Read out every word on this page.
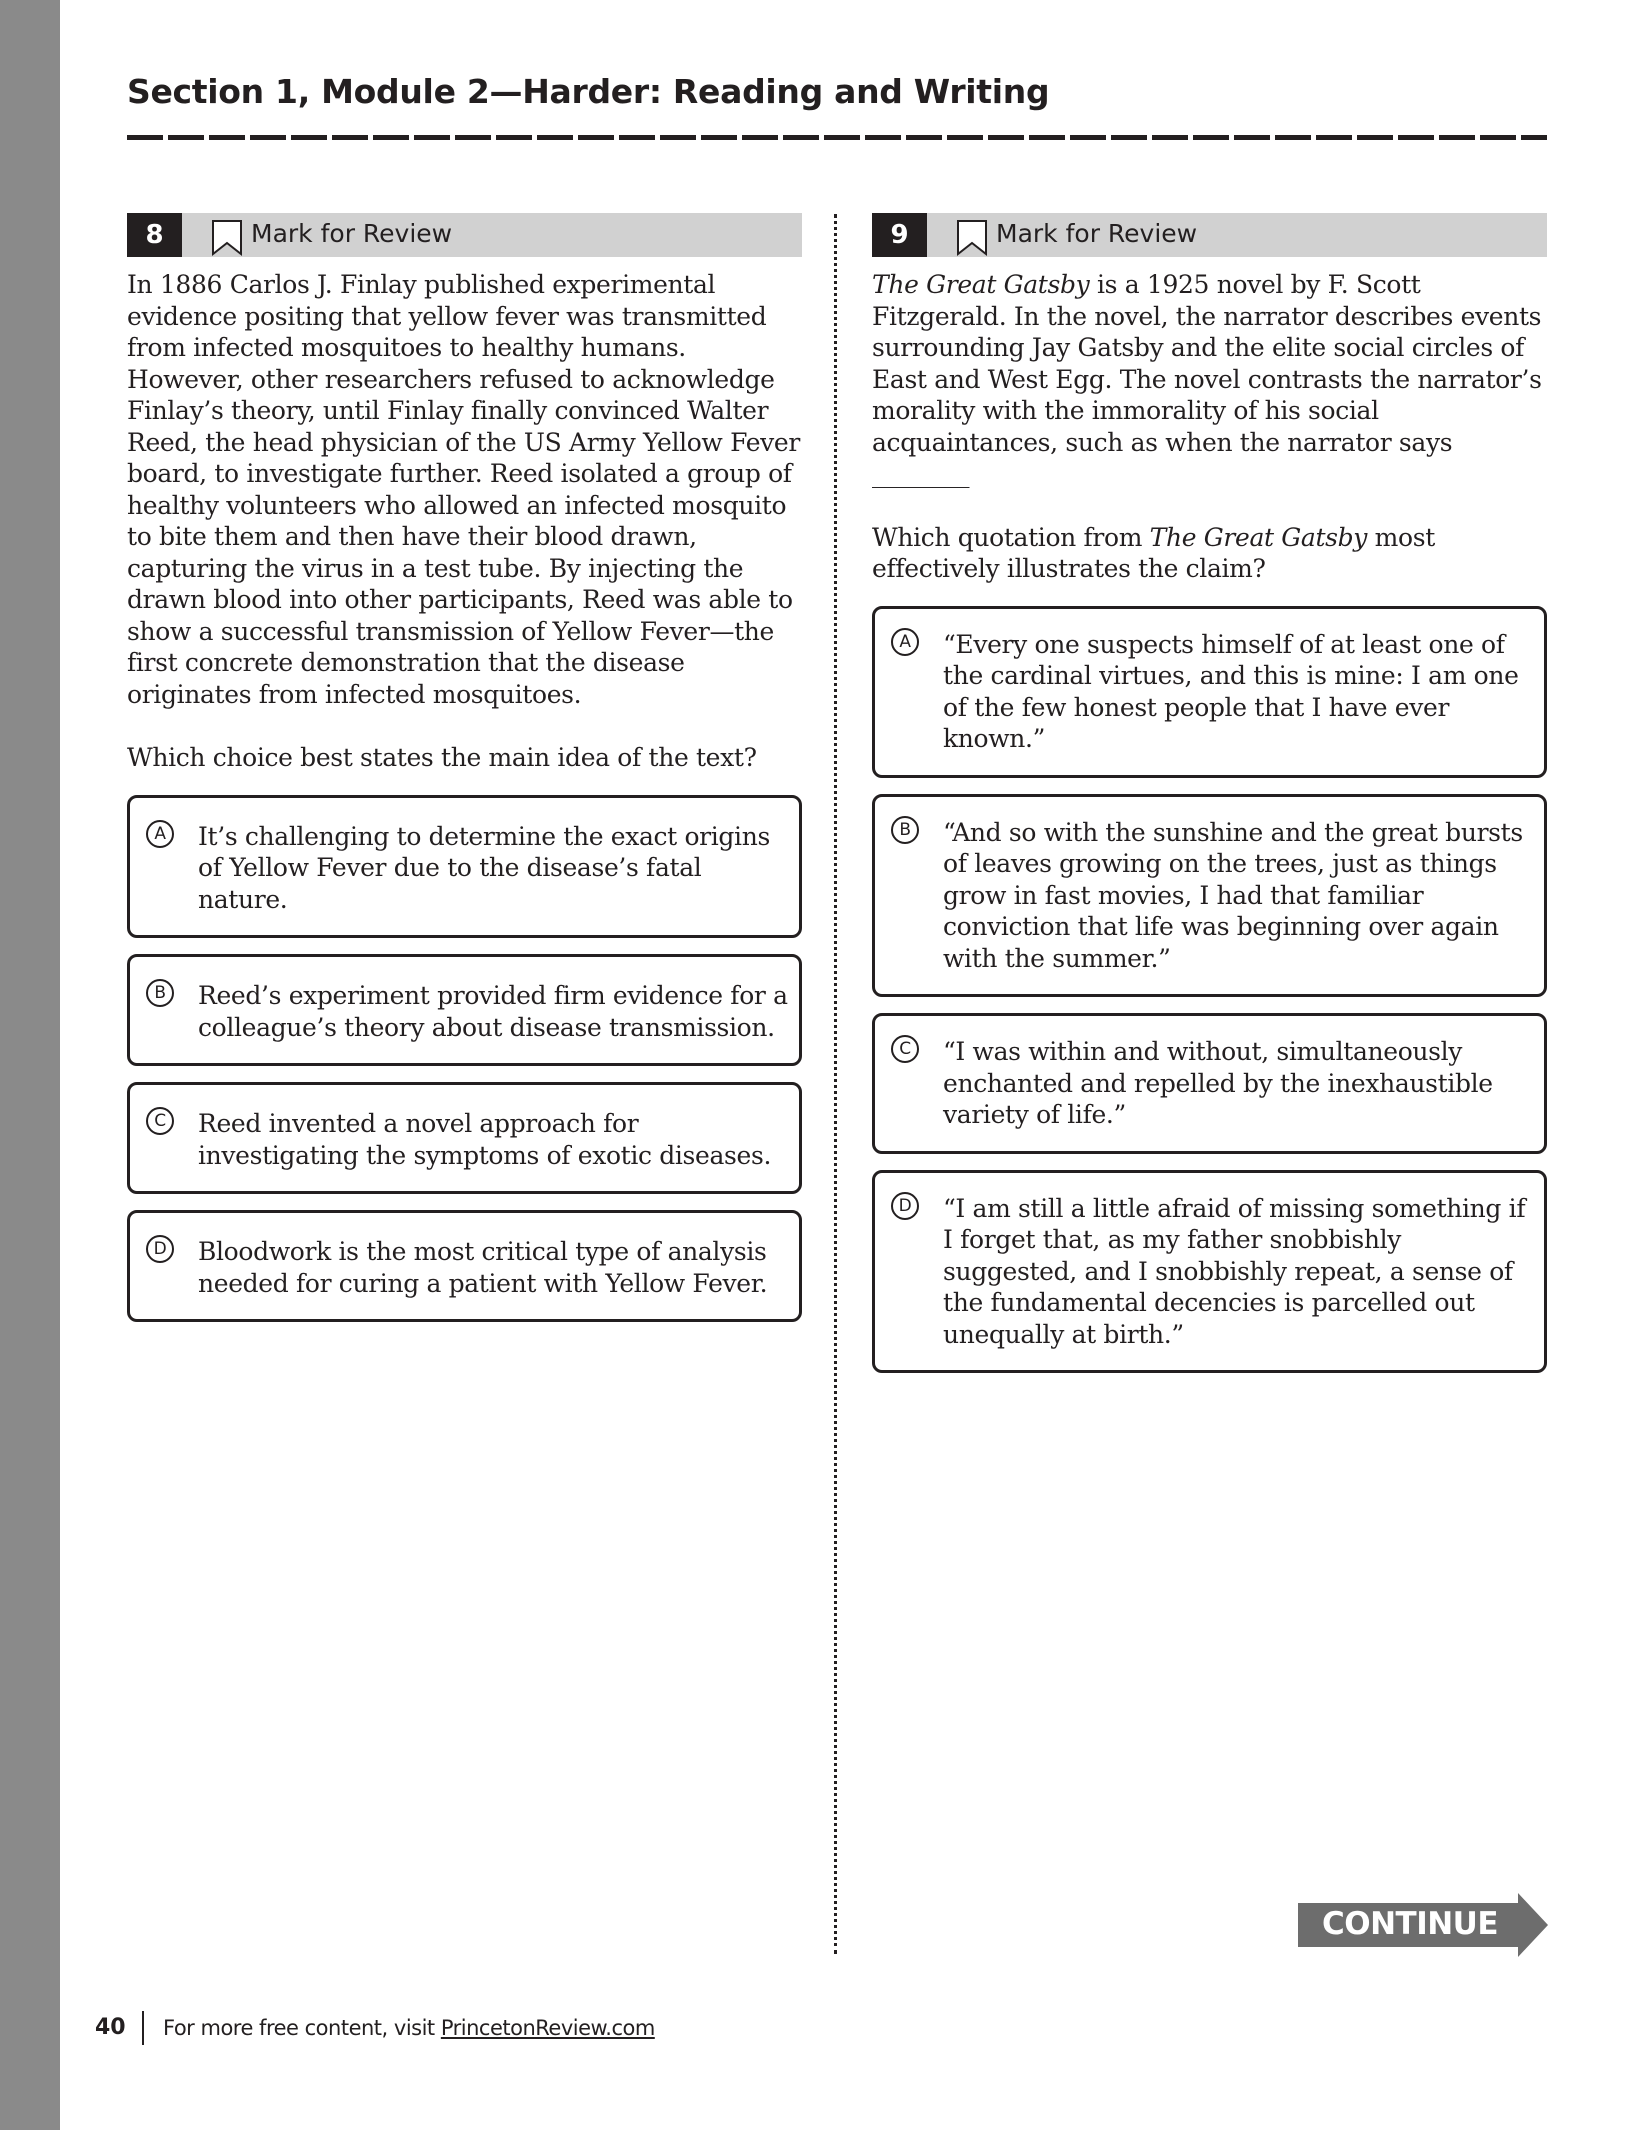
Section 1, Module 2—Harder: Reading and Writing
8	Mark for Review

In 1886 Carlos J. Finlay published experimental evidence positing that yellow fever was transmitted from infected mosquitoes to healthy humans. However, other researchers refused to acknowledge Finlay’s theory, until Finlay finally convinced Walter Reed, the head physician of the US Army Yellow Fever board, to investigate further. Reed isolated a group of healthy volunteers who allowed an infected mosquito to bite them and then have their blood drawn, capturing the virus in a test tube. By injecting the drawn blood into other participants, Reed was able to show a successful transmission of Yellow Fever—the first concrete demonstration that the disease originates from infected mosquitoes.

Which choice best states the main idea of the text?

A	It’s challenging to determine the exact origins of Yellow Fever due to the disease’s fatal nature.
B	Reed’s experiment provided firm evidence for a colleague’s theory about disease transmission.
C	Reed invented a novel approach for investigating the symptoms of exotic diseases.
D	Bloodwork is the most critical type of analysis needed for curing a patient with Yellow Fever.
9	Mark for Review

The Great Gatsby is a 1925 novel by F. Scott Fitzgerald. In the novel, the narrator describes events surrounding Jay Gatsby and the elite social circles of East and West Egg. The novel contrasts the narrator’s morality with the immorality of his social acquaintances, such as when the narrator says ________

Which quotation from The Great Gatsby most effectively illustrates the claim?

A	“Every one suspects himself of at least one of the cardinal virtues, and this is mine: I am one of the few honest people that I have ever known.”
B	“And so with the sunshine and the great bursts of leaves growing on the trees, just as things grow in fast movies, I had that familiar conviction that life was beginning over again with the summer.”
C	“I was within and without, simultaneously enchanted and repelled by the inexhaustible variety of life.”
D	“I am still a little afraid of missing something if I forget that, as my father snobbishly suggested, and I snobbishly repeat, a sense of the fundamental decencies is parcelled out unequally at birth.”
CONTINUE
40 For more free content, visit PrincetonReview.com
